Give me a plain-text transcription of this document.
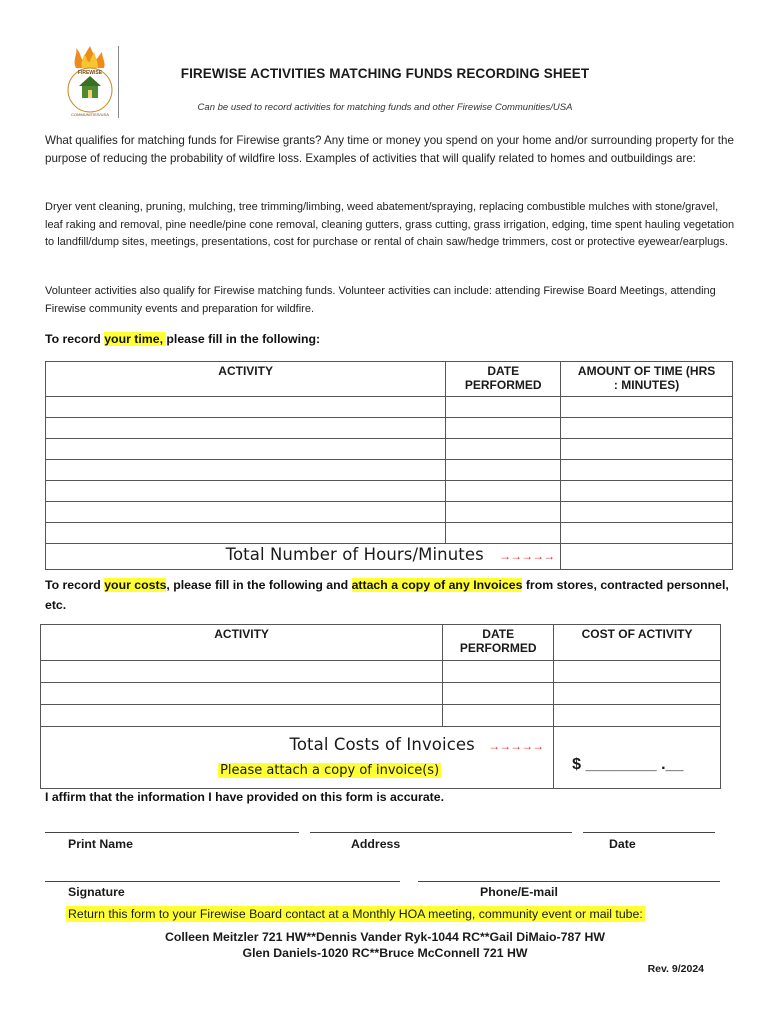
FIREWISE
COMMUNITIES/USA
FIREWISE ACTIVITIES MATCHING FUNDS RECORDING SHEET
Can be used to record activities for matching funds and other Firewise Communities/USA
What qualifies for matching funds for Firewise grants? Any time or money you spend on your home and/or surrounding property for the purpose of reducing the probability of wildfire loss. Examples of activities that will qualify related to homes and outbuildings are:
Dryer vent cleaning, pruning, mulching, tree trimming/limbing, weed abatement/spraying, replacing combustible mulches with stone/gravel, leaf raking and removal, pine needle/pine cone removal, cleaning gutters, grass cutting, grass irrigation, edging, time spent hauling vegetation to landfill/dump sites, meetings, presentations, cost for purchase or rental of chain saw/hedge trimmers, cost or protective eyewear/earplugs.
Volunteer activities also qualify for Firewise matching funds. Volunteer activities can include: attending Firewise Board Meetings, attending Firewise community events and preparation for wildfire.
To record your time, please fill in the following:
ACTIVITY	DATE PERFORMED	AMOUNT OF TIME (HRS : MINUTES)

Total Number of Hours/Minutes →→→→→		
To record your costs, please fill in the following and attach a copy of any Invoices from stores, contracted personnel, etc.
ACTIVITY	DATE PERFORMED	COST OF ACTIVITY

Total Costs of Invoices →→→→→
Please attach a copy of invoice(s)		$ ________ .__
I affirm that the information I have provided on this form is accurate.
Print Name	Address	Date
Signature	Phone/E-mail
Return this form to your Firewise Board contact at a Monthly HOA meeting, community event or mail tube:
Colleen Meitzler 721 HW**Dennis Vander Ryk-1044 RC**Gail DiMaio-787 HW
Glen Daniels-1020 RC**Bruce McConnell 721 HW
Rev. 9/2024
